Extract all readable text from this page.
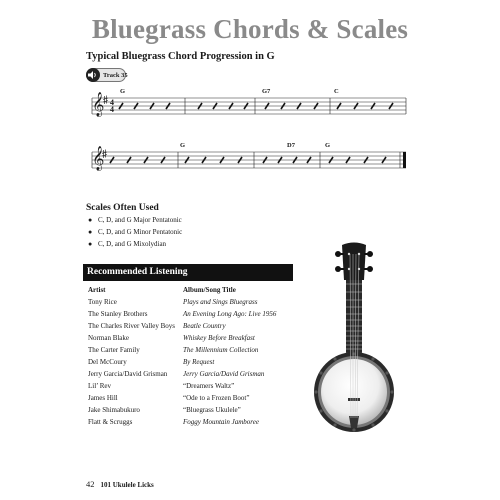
Bluegrass Chords & Scales
Typical Bluegrass Chord Progression in G
Track 35
𝄞 4
4
G	G7	C
𝄞
G	D7	G
Scales Often Used
● C, D, and G Major Pentatonic
● C, D, and G Minor Pentatonic
● C, D, and G Mixolydian
Recommended Listening
Artist	Album/Song Title
Tony Rice	Plays and Sings Bluegrass
The Stanley Brothers	An Evening Long Ago: Live 1956
The Charles River Valley Boys	Beatle Country
Norman Blake	Whiskey Before Breakfast
The Carter Family	The Millennium Collection
Del McCoury	By Request
Jerry Garcia/David Grisman	Jerry Garcia/David Grisman
Lil’ Rev	“Dreamers Waltz”
James Hill	“Ode to a Frozen Boot”
Jake Shimabukuro	“Bluegrass Ukulele”
Flatt & Scruggs	Foggy Mountain Jamboree
42 101 Ukulele Licks
